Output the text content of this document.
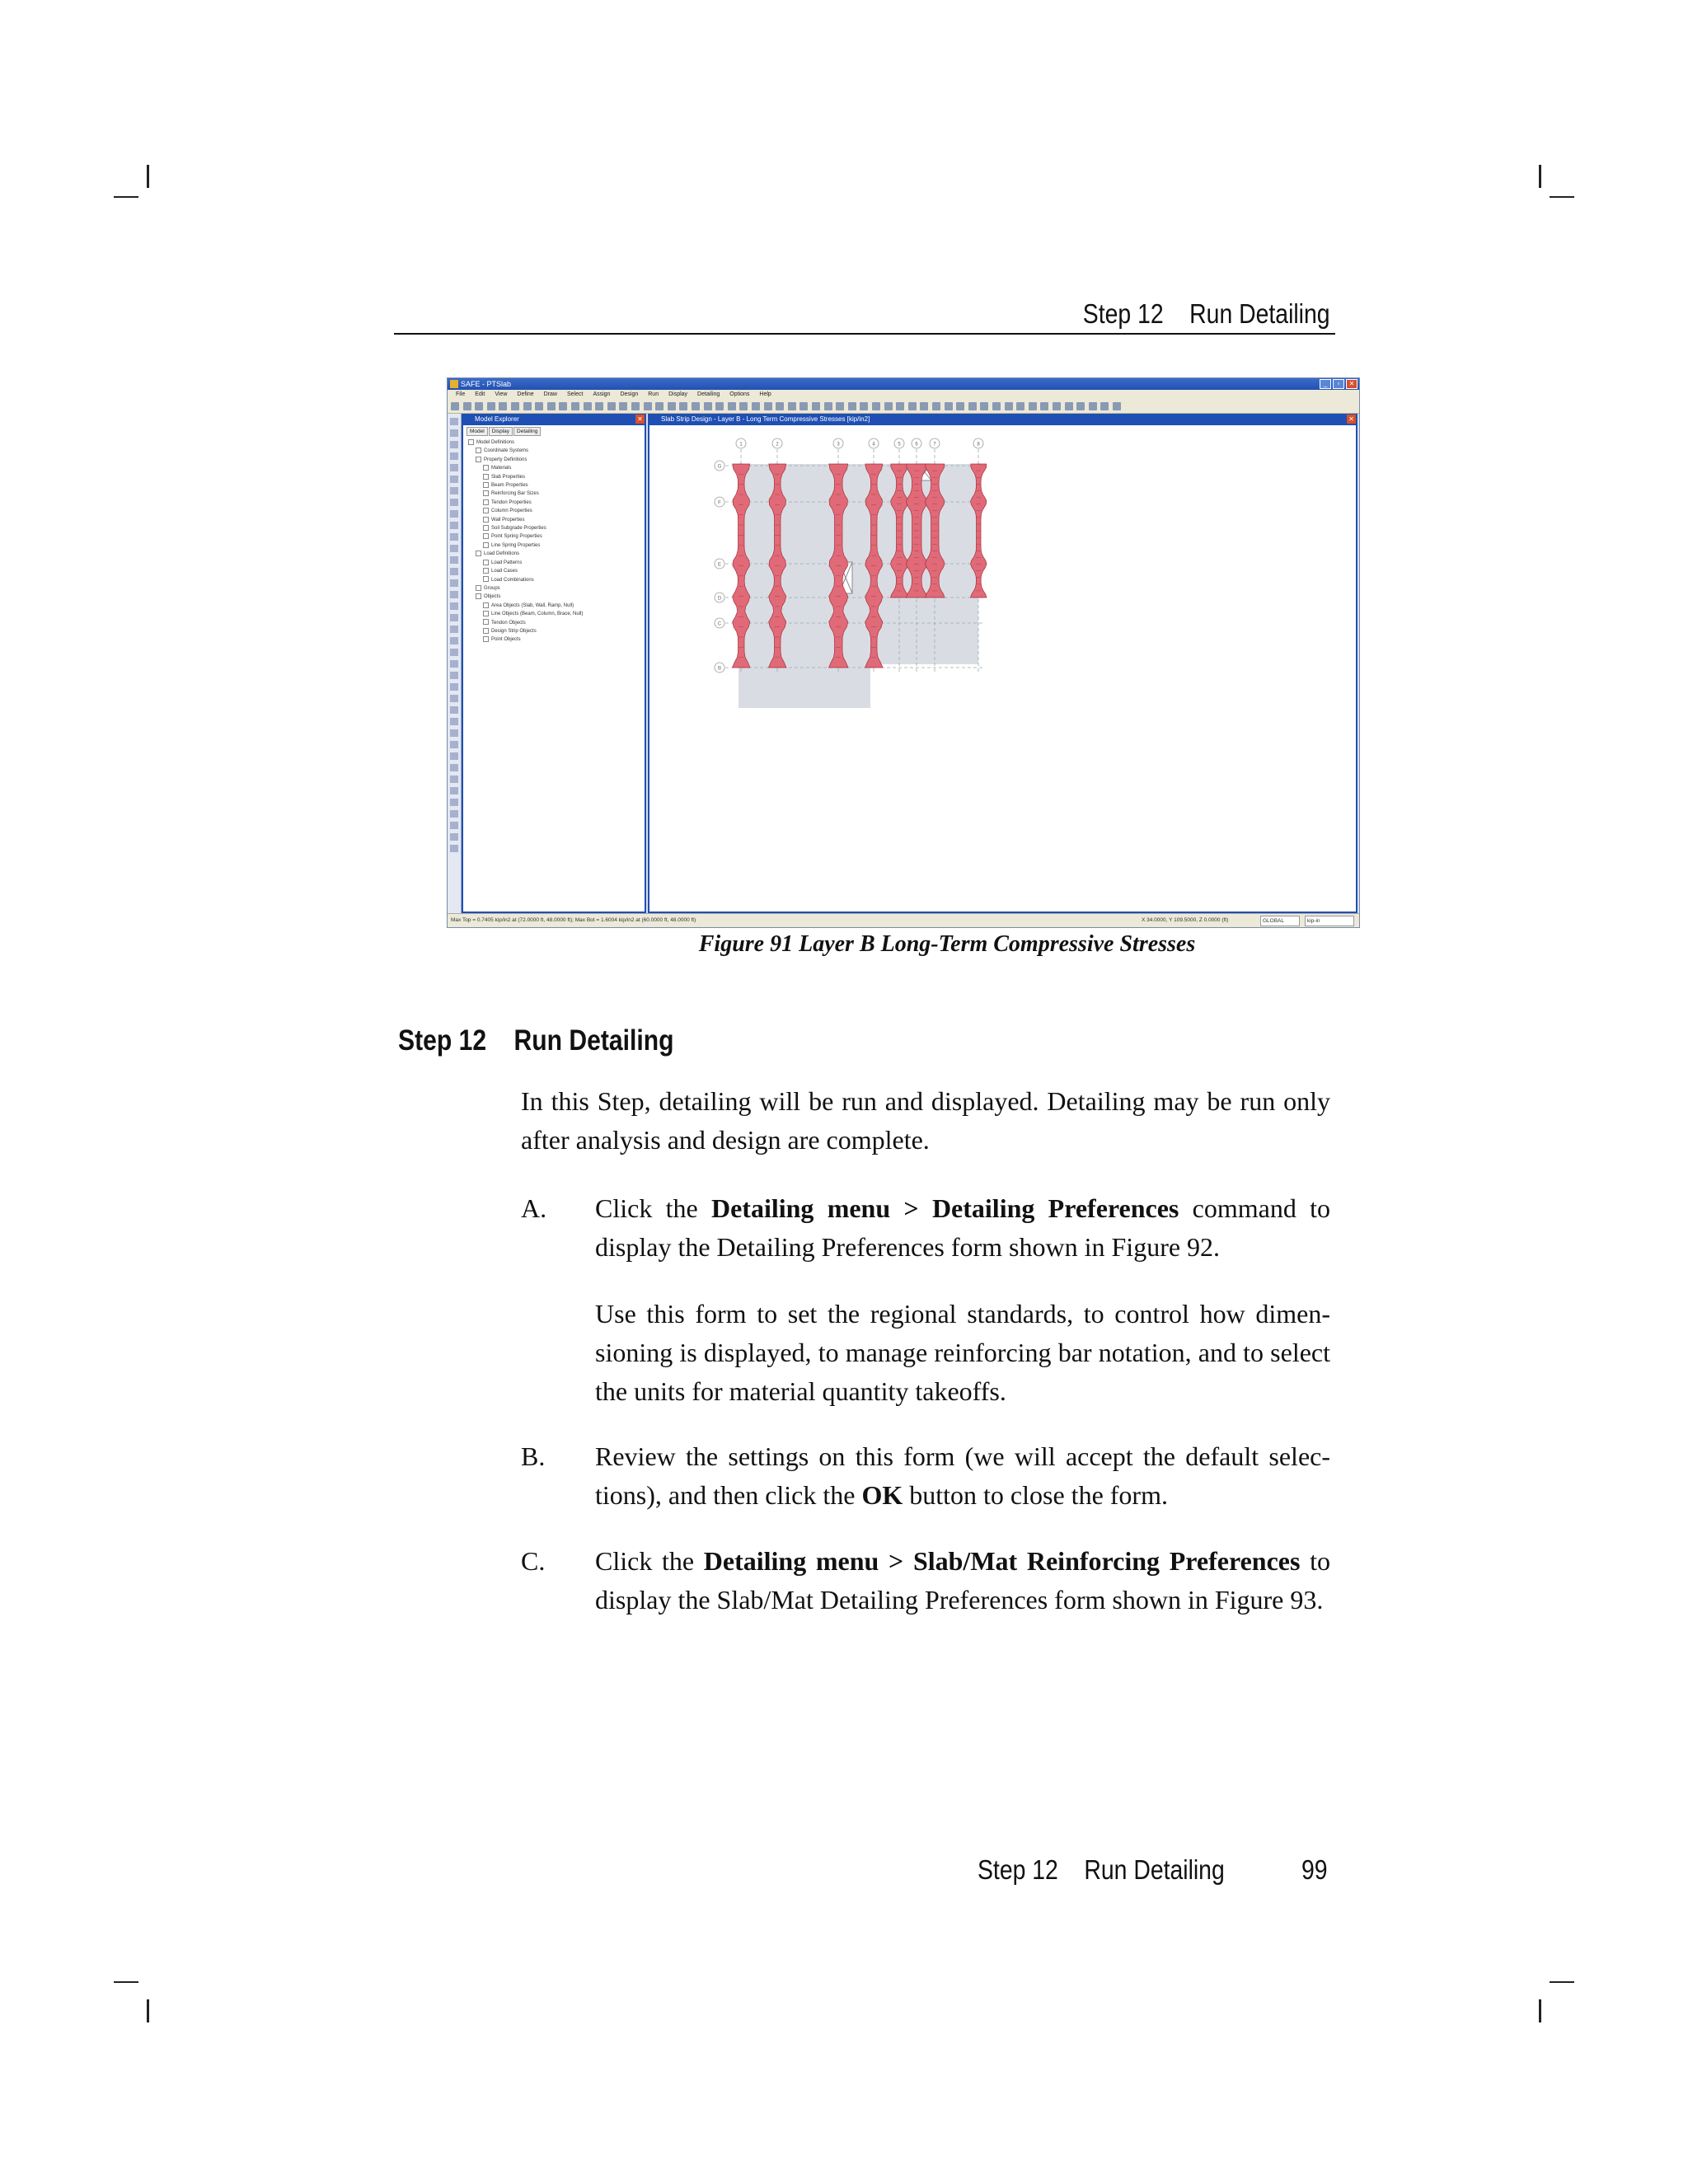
Step 12    Run Detailing
SAFE - PTSlab	_	▫	✕
File Edit View Define Draw Select Assign Design Run Display Detailing Options Help
Model Explorer	✕
Model	Display	Detailing
Model Definitions
Coordinate Systems
Property Definitions
Materials
Slab Properties
Beam Properties
Reinforcing Bar Sizes
Tendon Properties
Column Properties
Wall Properties
Soil Subgrade Properties
Point Spring Properties
Line Spring Properties
Load Definitions
Load Patterns
Load Cases
Load Combinations
Groups
Objects
Area Objects (Slab, Wall, Ramp, Null)
Line Objects (Beam, Column, Brace, Null)
Tendon Objects
Design Strip Objects
Point Objects
Slab Strip Design - Layer B - Long Term Compressive Stresses [kip/in2]	✕
1	2	3	4	5	6	7	8
G
F
E
D
C
B
Max Top = 0.7405 kip/in2 at (72.0000 ft, 48.0000 ft); Max Bot = 1.6004 kip/in2 at (60.0000 ft, 48.0000 ft)	X 34.0000, Y 109.5000, Z 0.0000 (ft)	GLOBAL	kip-in
Figure 91 Layer B Long-Term Compressive Stresses
Step 12    Run Detailing
In this Step, detailing will be run and displayed. Detailing may be run only after analysis and design are complete.
A. Click the Detailing menu > Detailing Preferences command to display the Detailing Preferences form shown in Figure 92.
Use this form to set the regional standards, to control how dimensioning is displayed, to manage reinforcing bar notation, and to select the units for material quantity takeoffs.
B. Review the settings on this form (we will accept the default selections), and then click the OK button to close the form.
C. Click the Detailing menu > Slab/Mat Reinforcing Preferences to display the Slab/Mat Detailing Preferences form shown in Figure 93.
Step 12    Run Detailing	99
